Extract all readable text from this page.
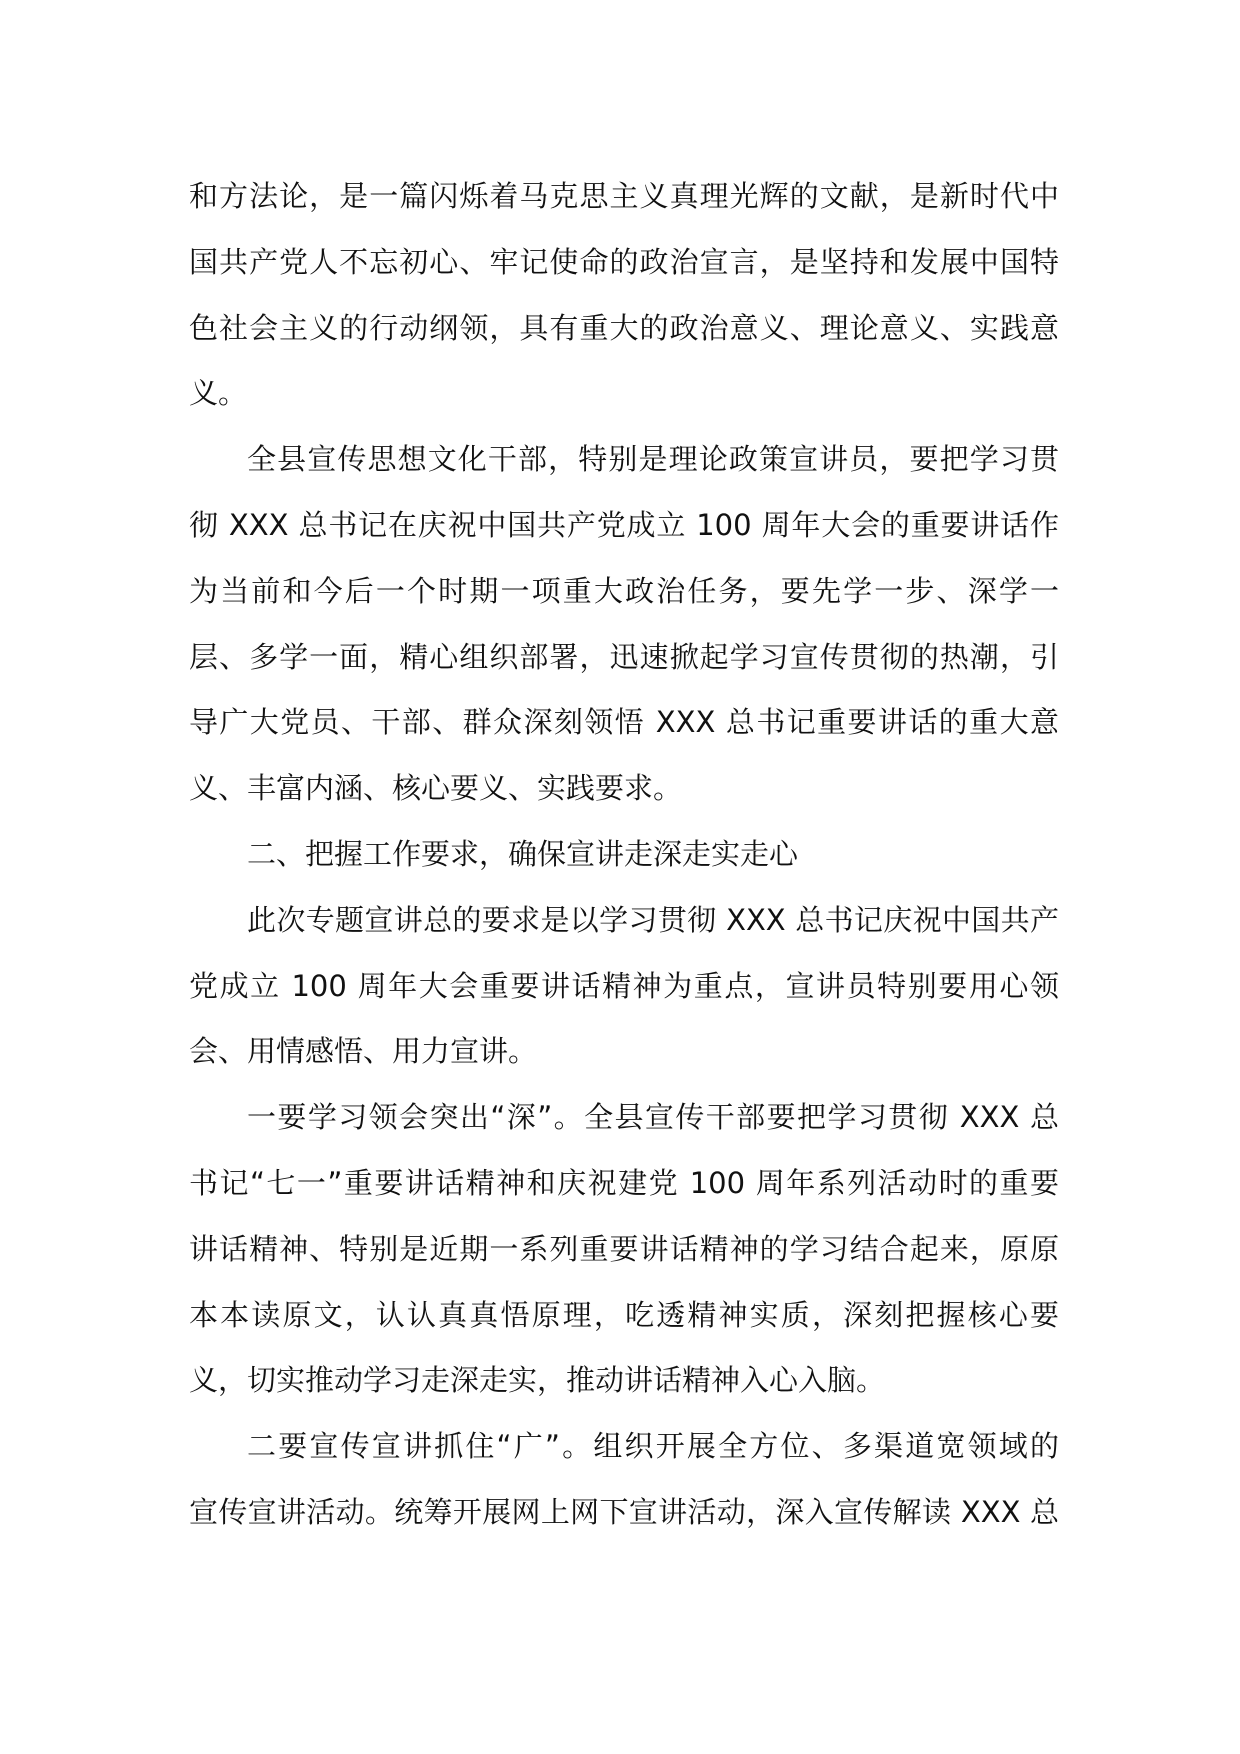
和方法论，是一篇闪烁着马克思主义真理光辉的文献，是新时代中
国共产党人不忘初心、牢记使命的政治宣言，是坚持和发展中国特
色社会主义的行动纲领，具有重大的政治意义、理论意义、实践意
义。
全县宣传思想文化干部，特别是理论政策宣讲员，要把学习贯
彻 XXX 总书记在庆祝中国共产党成立 100 周年大会的重要讲话作
为当前和今后一个时期一项重大政治任务，要先学一步、深学一
层、多学一面，精心组织部署，迅速掀起学习宣传贯彻的热潮，引
导广大党员、干部、群众深刻领悟 XXX 总书记重要讲话的重大意
义、丰富内涵、核心要义、实践要求。
二、把握工作要求，确保宣讲走深走实走心
此次专题宣讲总的要求是以学习贯彻 XXX 总书记庆祝中国共产
党成立 100 周年大会重要讲话精神为重点，宣讲员特别要用心领
会、用情感悟、用力宣讲。
一要学习领会突出“深”。全县宣传干部要把学习贯彻 XXX 总
书记“七一”重要讲话精神和庆祝建党 100 周年系列活动时的重要
讲话精神、特别是近期一系列重要讲话精神的学习结合起来，原原
本本读原文，认认真真悟原理，吃透精神实质，深刻把握核心要
义，切实推动学习走深走实，推动讲话精神入心入脑。
二要宣传宣讲抓住“广”。组织开展全方位、多渠道宽领域的
宣传宣讲活动。统筹开展网上网下宣讲活动，深入宣传解读 XXX 总
